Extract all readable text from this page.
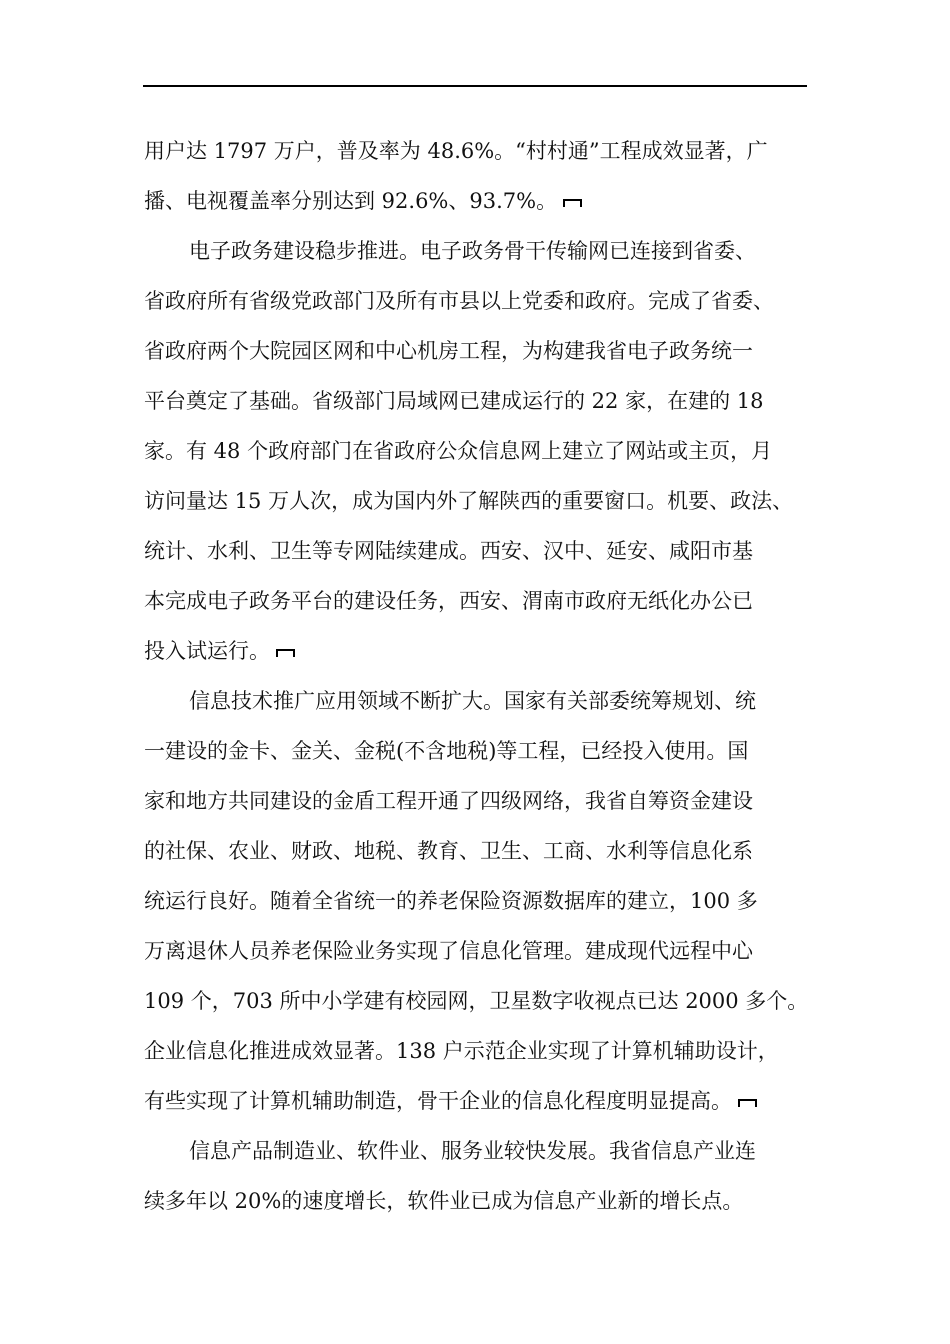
用户达 1797 万户，普及率为 48.6%。“村村通”工程成效显著，广
播、电视覆盖率分别达到 92.6%、93.7%。
电子政务建设稳步推进。电子政务骨干传输网已连接到省委、
省政府所有省级党政部门及所有市县以上党委和政府。完成了省委、
省政府两个大院园区网和中心机房工程，为构建我省电子政务统一
平台奠定了基础。省级部门局域网已建成运行的 22 家，在建的 18
家。有 48 个政府部门在省政府公众信息网上建立了网站或主页，月
访问量达 15 万人次，成为国内外了解陕西的重要窗口。机要、政法、
统计、水利、卫生等专网陆续建成。西安、汉中、延安、咸阳市基
本完成电子政务平台的建设任务，西安、渭南市政府无纸化办公已
投入试运行。
信息技术推广应用领域不断扩大。国家有关部委统筹规划、统
一建设的金卡、金关、金税(不含地税)等工程，已经投入使用。国
家和地方共同建设的金盾工程开通了四级网络，我省自筹资金建设
的社保、农业、财政、地税、教育、卫生、工商、水利等信息化系
统运行良好。随着全省统一的养老保险资源数据库的建立，100 多
万离退休人员养老保险业务实现了信息化管理。建成现代远程中心
109 个，703 所中小学建有校园网，卫星数字收视点已达 2000 多个。
企业信息化推进成效显著。138 户示范企业实现了计算机辅助设计，
有些实现了计算机辅助制造，骨干企业的信息化程度明显提高。
信息产品制造业、软件业、服务业较快发展。我省信息产业连
续多年以 20%的速度增长，软件业已成为信息产业新的增长点。
